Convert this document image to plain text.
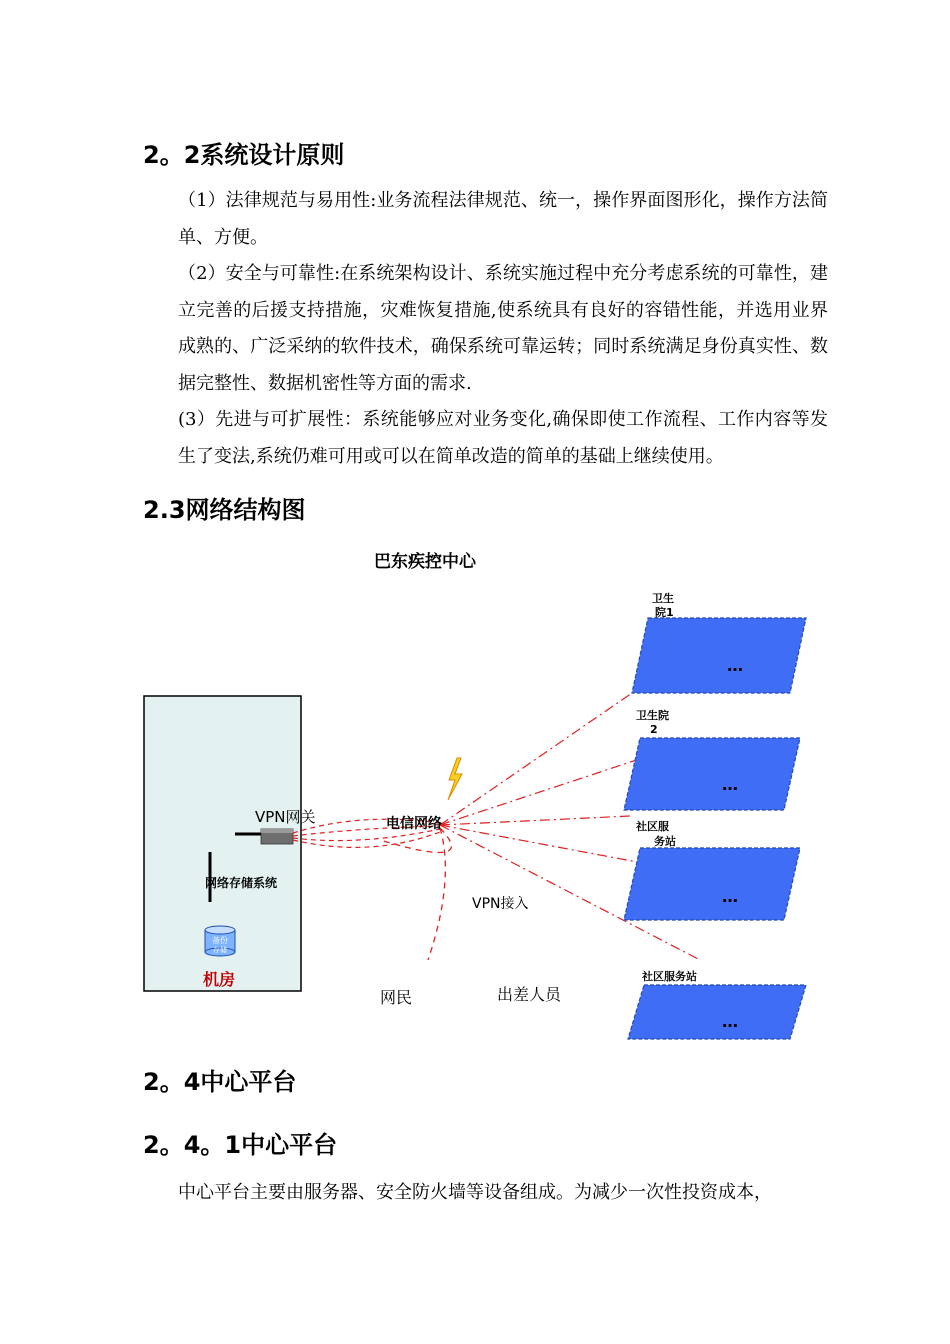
2。2系统设计原则

（1）法律规范与易用性:业务流程法律规范、统一，操作界面图形化，操作方法简单、方便。

（2）安全与可靠性:在系统架构设计、系统实施过程中充分考虑系统的可靠性，建立完善的后援支持措施，灾难恢复措施,使系统具有良好的容错性能，并选用业界成熟的、广泛采纳的软件技术，确保系统可靠运转；同时系统满足身份真实性、数据完整性、数据机密性等方面的需求.

(3）先进与可扩展性：系统能够应对业务变化,确保即使工作流程、工作内容等发生了变法,系统仍难可用或可以在简单改造的简单的基础上继续使用。

2.3网络结构图
巴东疾控中心
机房
VPN网关
网络存储系统
备份
存储
电信网络
VPN接入
网民	出差人员
卫生
院1
…
卫生院
2
…
社区服
务站
…
社区服务站
…
2。4中心平台
2。4。1中心平台

中心平台主要由服务器、安全防火墙等设备组成。为减少一次性投资成本，
